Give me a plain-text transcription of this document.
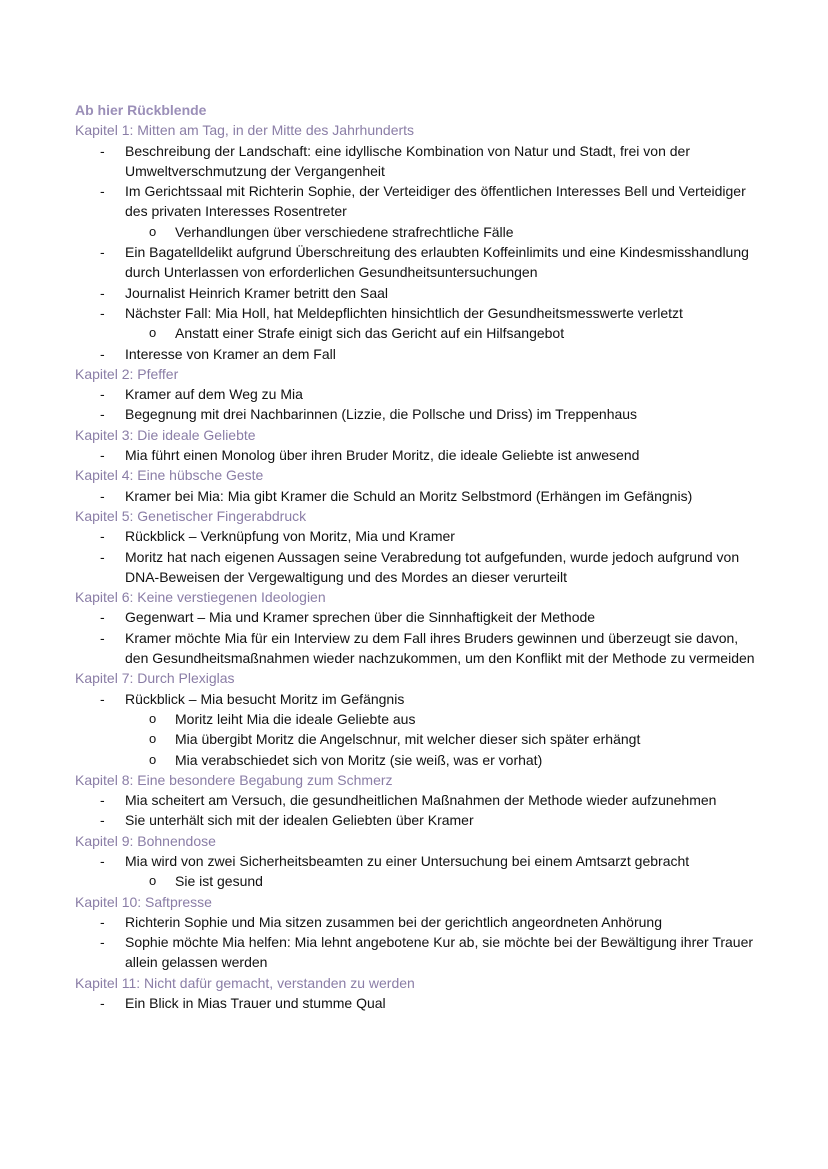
Ab hier Rückblende
Kapitel 1: Mitten am Tag, in der Mitte des Jahrhunderts
-	Beschreibung der Landschaft: eine idyllische Kombination von Natur und Stadt, frei von der Umweltverschmutzung der Vergangenheit
-	Im Gerichtssaal mit Richterin Sophie, der Verteidiger des öffentlichen Interesses Bell und Verteidiger des privaten Interesses Rosentreter
o	Verhandlungen über verschiedene strafrechtliche Fälle
-	Ein Bagatelldelikt aufgrund Überschreitung des erlaubten Koffeinlimits und eine Kindesmisshandlung durch Unterlassen von erforderlichen Gesundheitsuntersuchungen
-	Journalist Heinrich Kramer betritt den Saal
-	Nächster Fall: Mia Holl, hat Meldepflichten hinsichtlich der Gesundheitsmesswerte verletzt
o	Anstatt einer Strafe einigt sich das Gericht auf ein Hilfsangebot
-	Interesse von Kramer an dem Fall
Kapitel 2: Pfeffer
-	Kramer auf dem Weg zu Mia
-	Begegnung mit drei Nachbarinnen (Lizzie, die Pollsche und Driss) im Treppenhaus
Kapitel 3: Die ideale Geliebte
-	Mia führt einen Monolog über ihren Bruder Moritz, die ideale Geliebte ist anwesend
Kapitel 4: Eine hübsche Geste
-	Kramer bei Mia: Mia gibt Kramer die Schuld an Moritz Selbstmord (Erhängen im Gefängnis)
Kapitel 5: Genetischer Fingerabdruck
-	Rückblick – Verknüpfung von Moritz, Mia und Kramer
-	Moritz hat nach eigenen Aussagen seine Verabredung tot aufgefunden, wurde jedoch aufgrund von DNA-Beweisen der Vergewaltigung und des Mordes an dieser verurteilt
Kapitel 6: Keine verstiegenen Ideologien
-	Gegenwart – Mia und Kramer sprechen über die Sinnhaftigkeit der Methode
-	Kramer möchte Mia für ein Interview zu dem Fall ihres Bruders gewinnen und überzeugt sie davon, den Gesundheitsmaßnahmen wieder nachzukommen, um den Konflikt mit der Methode zu vermeiden
Kapitel 7: Durch Plexiglas
-	Rückblick – Mia besucht Moritz im Gefängnis
o	Moritz leiht Mia die ideale Geliebte aus
o	Mia übergibt Moritz die Angelschnur, mit welcher dieser sich später erhängt
o	Mia verabschiedet sich von Moritz (sie weiß, was er vorhat)
Kapitel 8: Eine besondere Begabung zum Schmerz
-	Mia scheitert am Versuch, die gesundheitlichen Maßnahmen der Methode wieder aufzunehmen
-	Sie unterhält sich mit der idealen Geliebten über Kramer
Kapitel 9: Bohnendose
-	Mia wird von zwei Sicherheitsbeamten zu einer Untersuchung bei einem Amtsarzt gebracht
o	Sie ist gesund
Kapitel 10: Saftpresse
-	Richterin Sophie und Mia sitzen zusammen bei der gerichtlich angeordneten Anhörung
-	Sophie möchte Mia helfen: Mia lehnt angebotene Kur ab, sie möchte bei der Bewältigung ihrer Trauer allein gelassen werden
Kapitel 11: Nicht dafür gemacht, verstanden zu werden
-	Ein Blick in Mias Trauer und stumme Qual
